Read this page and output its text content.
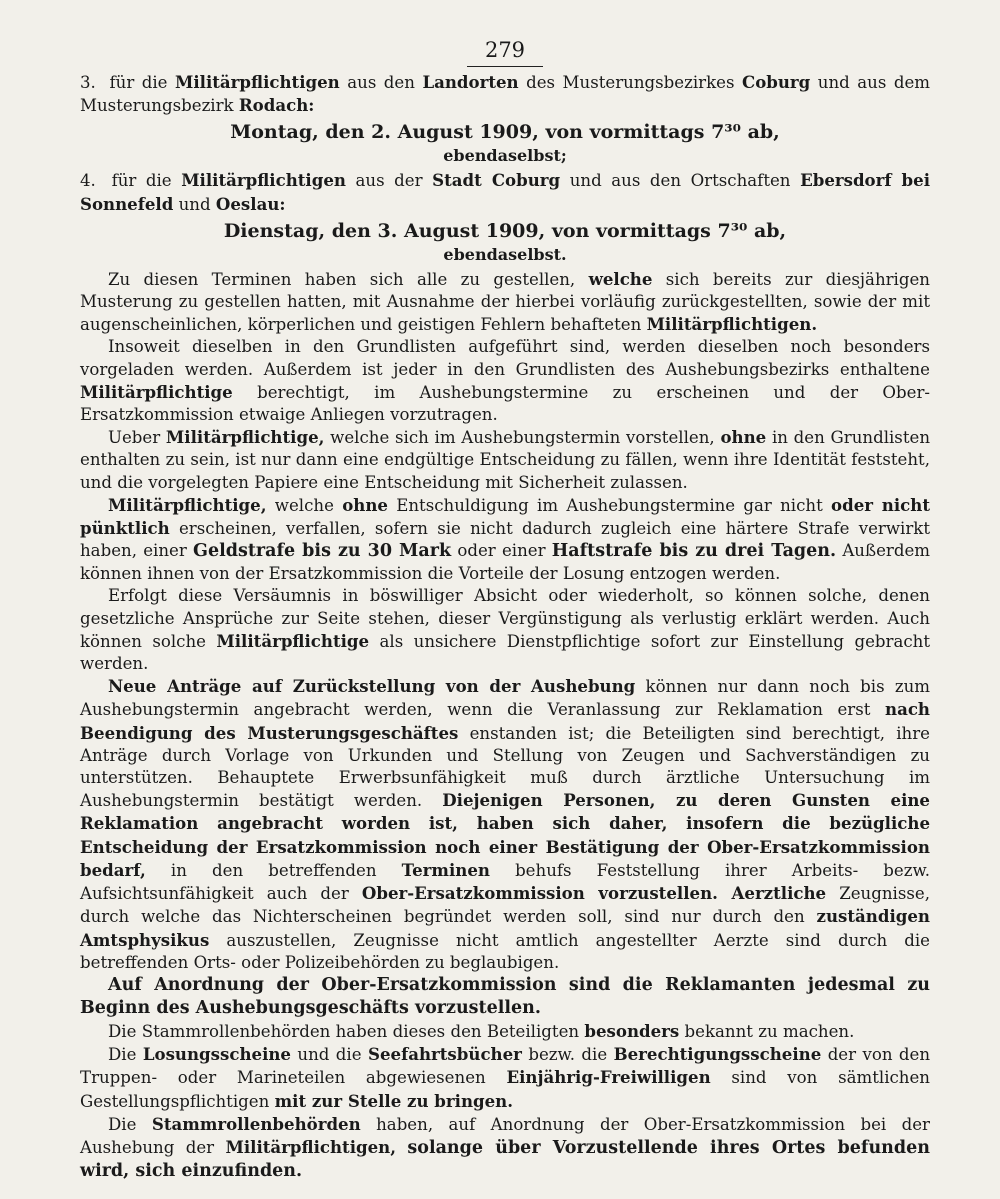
279

3. für die Militärpflichtigen aus den Landorten des Musterungsbezirkes Coburg und aus dem Musterungsbezirk Rodach:

Montag, den 2. August 1909, von vormittags 7³⁰ ab,
ebendaselbst;

4. für die Militärpflichtigen aus der Stadt Coburg und aus den Ortschaften Ebersdorf bei Sonnefeld und Oeslau:

Dienstag, den 3. August 1909, von vormittags 7³⁰ ab,
ebendaselbst.

Zu diesen Terminen haben sich alle zu gestellen, welche sich bereits zur diesjährigen Musterung zu gestellen hatten, mit Ausnahme der hierbei vorläufig zurückgestellten, sowie der mit augenscheinlichen, körperlichen und geistigen Fehlern behafteten Militärpflichtigen.

Insoweit dieselben in den Grundlisten aufgeführt sind, werden dieselben noch besonders vorgeladen werden. Außerdem ist jeder in den Grundlisten des Aushebungsbezirks enthaltene Militärpflichtige berechtigt, im Aushebungstermine zu erscheinen und der Ober-Ersatzkommission etwaige Anliegen vorzutragen.

Ueber Militärpflichtige, welche sich im Aushebungstermin vorstellen, ohne in den Grundlisten enthalten zu sein, ist nur dann eine endgültige Entscheidung zu fällen, wenn ihre Identität feststeht, und die vorgelegten Papiere eine Entscheidung mit Sicherheit zulassen.

Militärpflichtige, welche ohne Entschuldigung im Aushebungstermine gar nicht oder nicht pünktlich erscheinen, verfallen, sofern sie nicht dadurch zugleich eine härtere Strafe verwirkt haben, einer Geldstrafe bis zu 30 Mark oder einer Haftstrafe bis zu drei Tagen. Außerdem können ihnen von der Ersatzkommission die Vorteile der Losung entzogen werden.

Erfolgt diese Versäumnis in böswilliger Absicht oder wiederholt, so können solche, denen gesetzliche Ansprüche zur Seite stehen, dieser Vergünstigung als verlustig erklärt werden. Auch können solche Militärpflichtige als unsichere Dienstpflichtige sofort zur Einstellung gebracht werden.

Neue Anträge auf Zurückstellung von der Aushebung können nur dann noch bis zum Aushebungstermin angebracht werden, wenn die Veranlassung zur Reklamation erst nach Beendigung des Musterungsgeschäftes enstanden ist; die Beteiligten sind berechtigt, ihre Anträge durch Vorlage von Urkunden und Stellung von Zeugen und Sachverständigen zu unterstützen. Behauptete Erwerbsunfähigkeit muß durch ärztliche Untersuchung im Aushebungstermin bestätigt werden. Diejenigen Personen, zu deren Gunsten eine Reklamation angebracht worden ist, haben sich daher, insofern die bezügliche Entscheidung der Ersatzkommission noch einer Bestätigung der Ober-Ersatzkommission bedarf, in den betreffenden Terminen behufs Feststellung ihrer Arbeits- bezw. Aufsichtsunfähigkeit auch der Ober-Ersatzkommission vorzustellen. Aerztliche Zeugnisse, durch welche das Nichterscheinen begründet werden soll, sind nur durch den zuständigen Amtsphysikus auszustellen, Zeugnisse nicht amtlich angestellter Aerzte sind durch die betreffenden Orts- oder Polizeibehörden zu beglaubigen.

Auf Anordnung der Ober-Ersatzkommission sind die Reklamanten jedesmal zu Beginn des Aushebungsgeschäfts vorzustellen.

Die Stammrollenbehörden haben dieses den Beteiligten besonders bekannt zu machen.

Die Losungsscheine und die Seefahrtsbücher bezw. die Berechtigungsscheine der von den Truppen- oder Marineteilen abgewiesenen Einjährig-Freiwilligen sind von sämtlichen Gestellungspflichtigen mit zur Stelle zu bringen.

Die Stammrollenbehörden haben, auf Anordnung der Ober-Ersatzkommission bei der Aushebung der Militärpflichtigen, solange über Vorzustellende ihres Ortes befunden wird, sich einzufinden.
